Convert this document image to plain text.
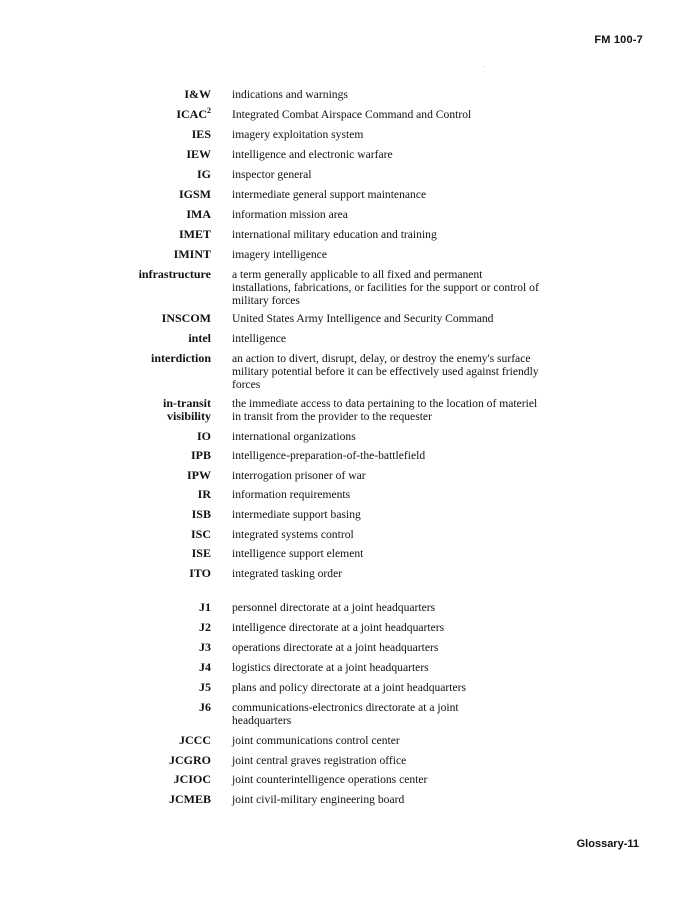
FM 100-7
.
I&W indications and warnings
ICAC$^2$ Integrated Combat Airspace Command and Control
IES imagery exploitation system
IEW intelligence and electronic warfare
IG inspector general
IGSM intermediate general support maintenance
IMA information mission area
IMET international military education and training
IMINT imagery intelligence
infrastructure a term generally applicable to all fixed and permanent installations, fabrications, or facilities for the support or control of military forces
INSCOM United States Army Intelligence and Security Command
intel intelligence
interdiction an action to divert, disrupt, delay, or destroy the enemy's surface military potential before it can be effectively used against friendly forces
in-transit visibility
the immediate access to data pertaining to the location of materiel in transit from the provider to the requester
IO international organizations
IPB intelligence-preparation-of-the-battlefield
IPW interrogation prisoner of war
IR information requirements
ISB intermediate support basing
ISC integrated systems control
ISE intelligence support element
ITO integrated tasking order
J1 personnel directorate at a joint headquarters
J2 intelligence directorate at a joint headquarters
J3 operations directorate at a joint headquarters
J4 logistics directorate at a joint headquarters
J5 plans and policy directorate at a joint headquarters
J6 communications-electronics directorate at a joint headquarters
JCCC joint communications control center
JCGRO joint central graves registration office
JCIOC joint counterintelligence operations center
JCMEB joint civil-military engineering board
Glossary-11
